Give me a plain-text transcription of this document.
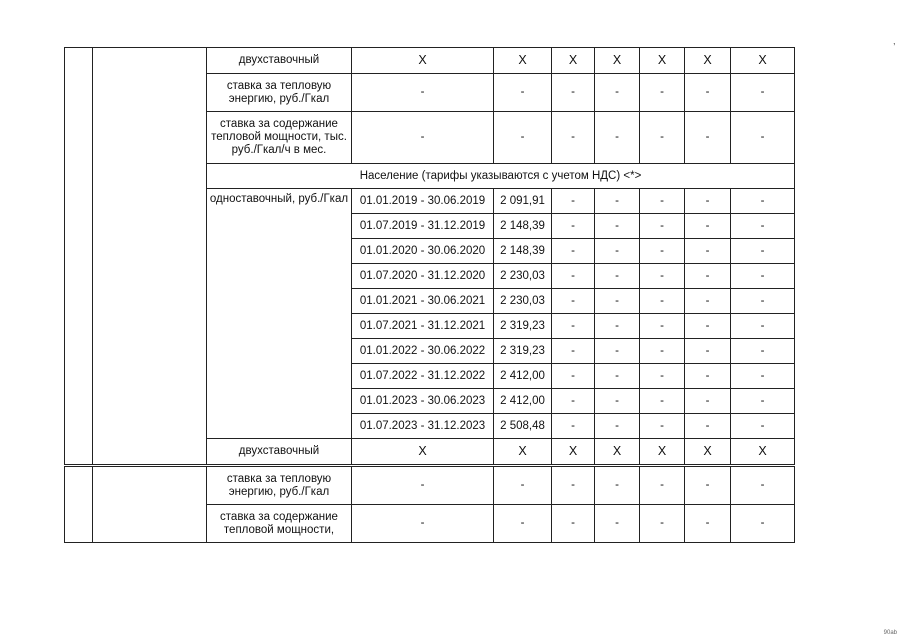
		двухставочный	Х	Х	Х	Х	Х	Х	Х
		ставка за тепловую энергию, руб./Гкал	-	-	-	-	-	-	-
		ставка за содержание тепловой мощности, тыс. руб./Гкал/ч в мес.	-	-	-	-	-	-	-
		Население (тарифы указываются с учетом НДС) <*>							
		одноставочный, руб./Гкал	01.01.2019 - 30.06.2019	2 091,91	-	-	-	-	-
			01.07.2019 - 31.12.2019	2 148,39	-	-	-	-	-
			01.01.2020 - 30.06.2020	2 148,39	-	-	-	-	-
			01.07.2020 - 31.12.2020	2 230,03	-	-	-	-	-
			01.01.2021 - 30.06.2021	2 230,03	-	-	-	-	-
			01.07.2021 - 31.12.2021	2 319,23	-	-	-	-	-
			01.01.2022 - 30.06.2022	2 319,23	-	-	-	-	-
			01.07.2022 - 31.12.2022	2 412,00	-	-	-	-	-
			01.01.2023 - 30.06.2023	2 412,00	-	-	-	-	-
			01.07.2023 - 31.12.2023	2 508,48	-	-	-	-	-
		двухставочный	Х	Х	Х	Х	Х	Х	Х
		ставка за тепловую энергию, руб./Гкал	-	-	-	-	-	-	-
		ставка за содержание тепловой мощности,	-	-	-	-	-	-	-
,
90ab
